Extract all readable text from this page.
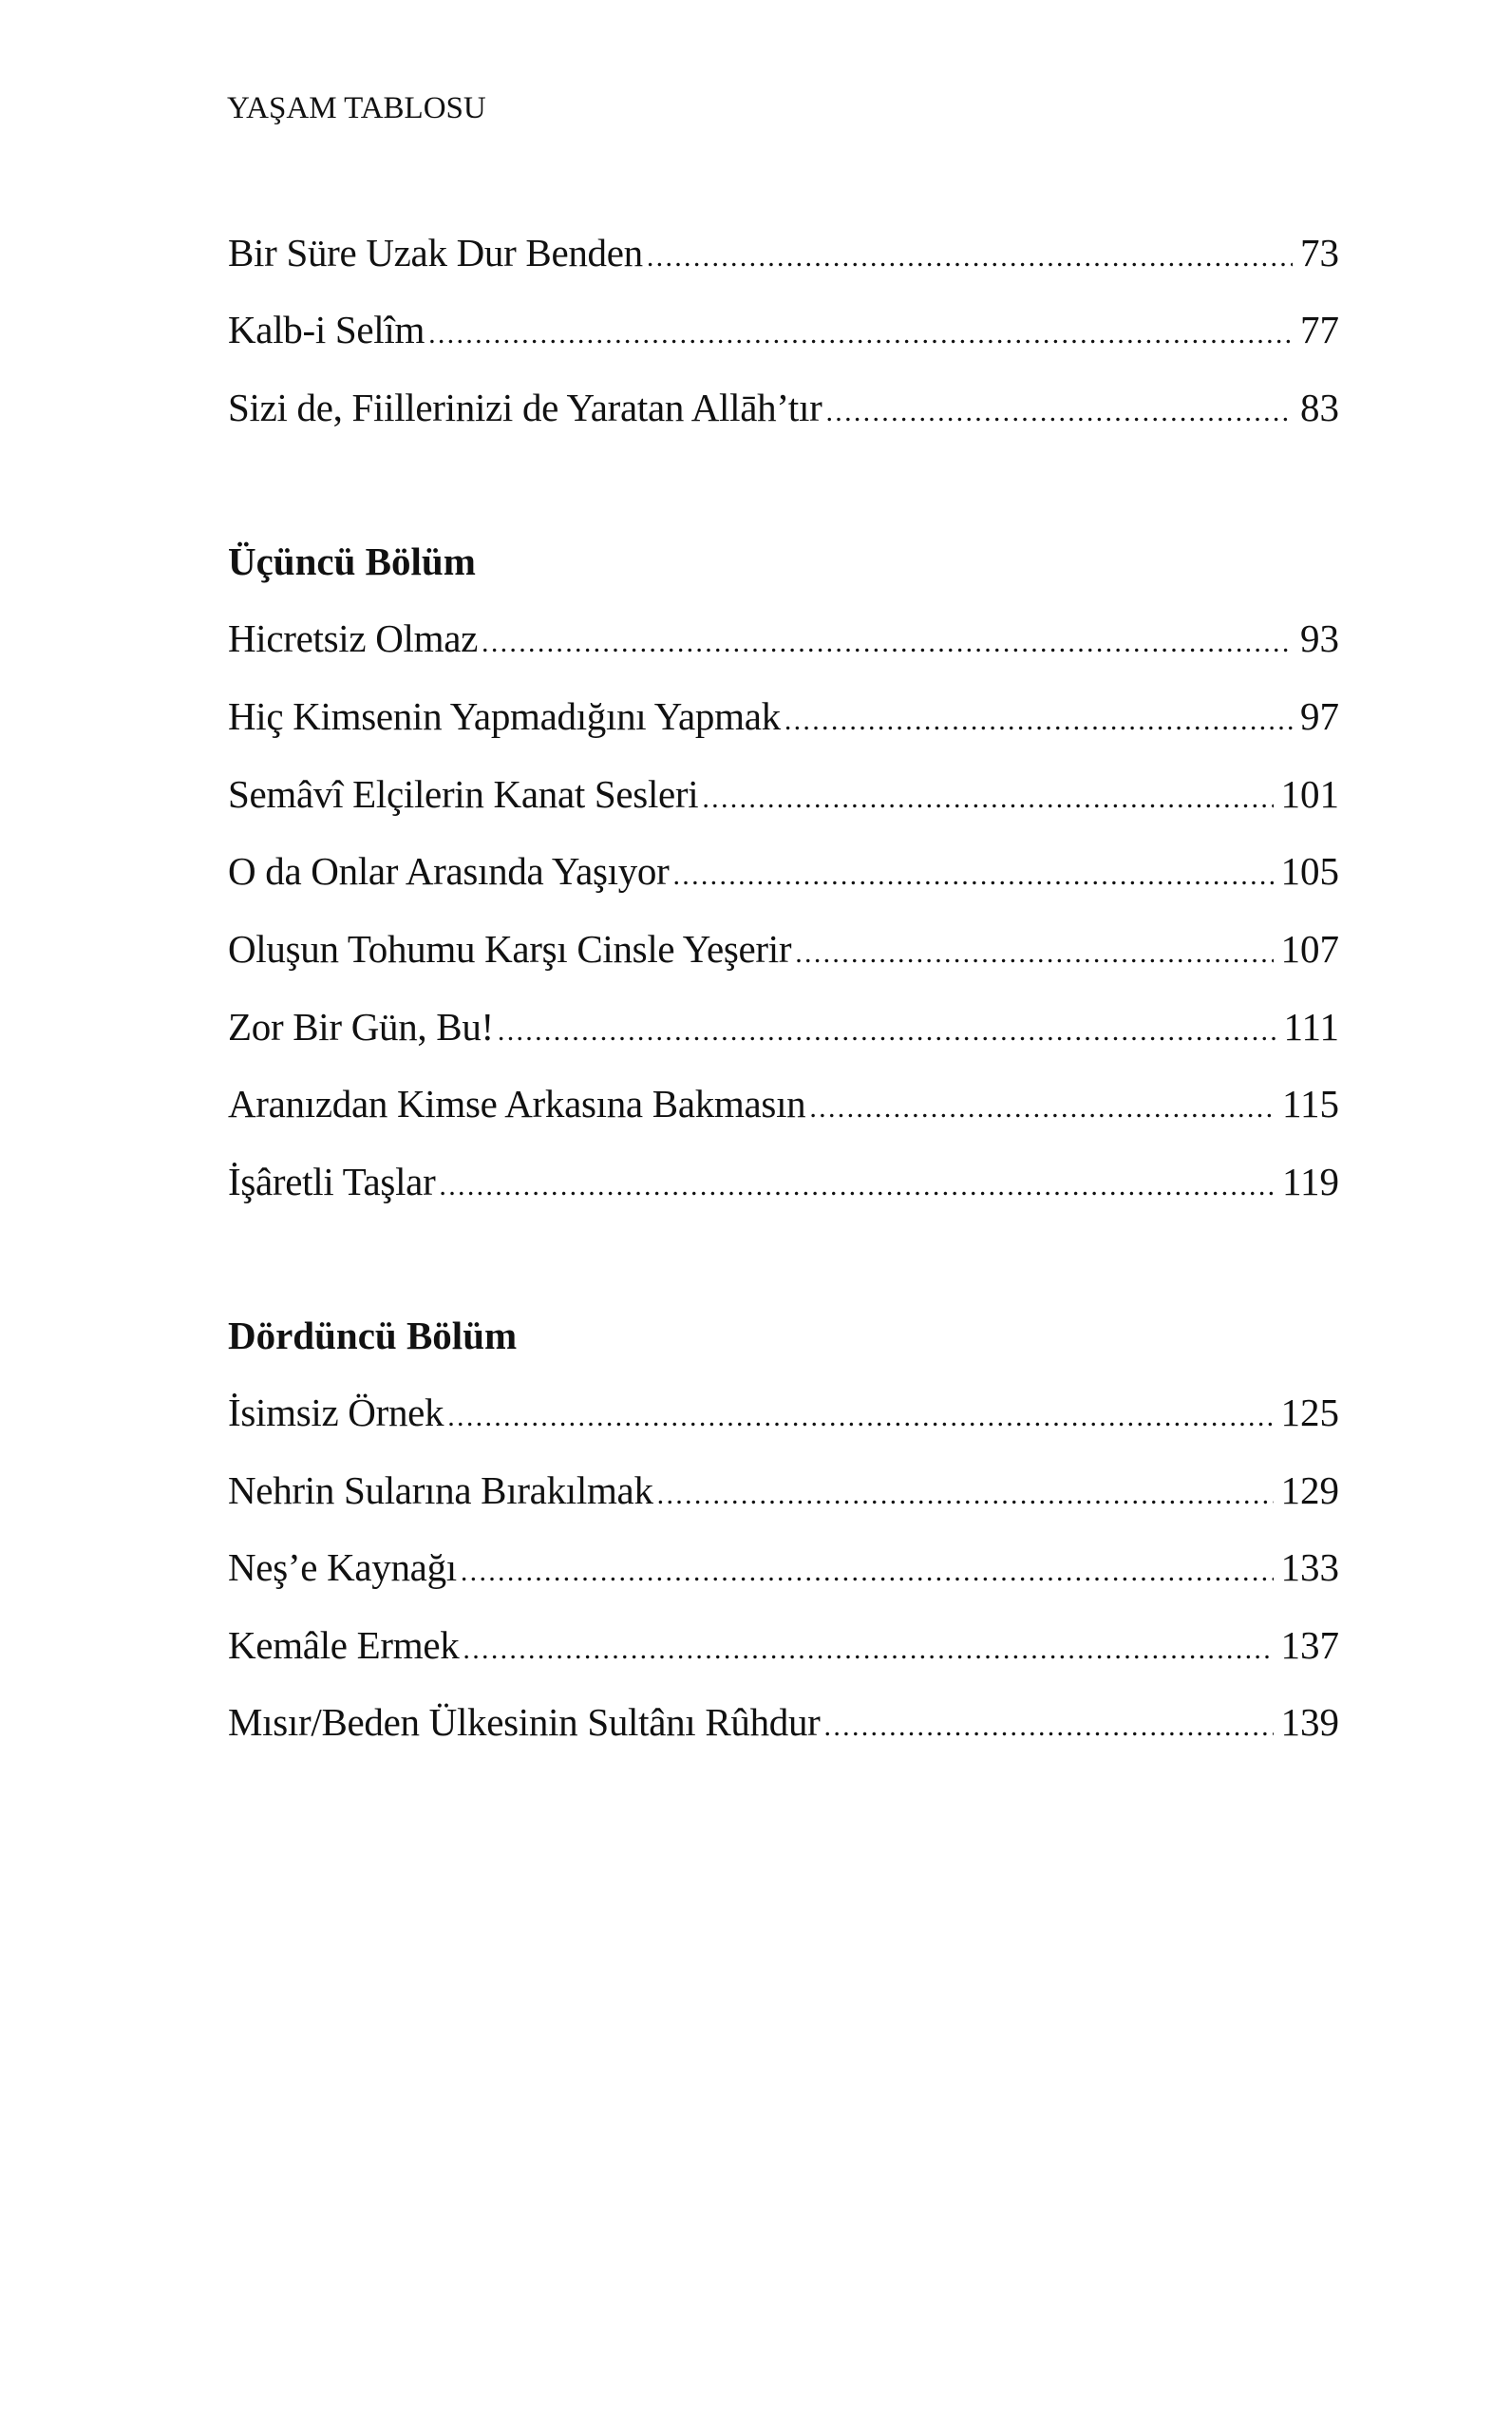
YAŞAM TABLOSU
Bir Süre Uzak Dur Benden . . .	73
Kalb-i Selîm . . .	77
Sizi de, Fiillerinizi de Yaratan Allāh’tır . . .	83
Üçüncü Bölüm
Hicretsiz Olmaz . . .	93
Hiç Kimsenin Yapmadığını Yapmak . . .	97
Semâvî Elçilerin Kanat Sesleri . . .	101
O da Onlar Arasında Yaşıyor . . .	105
Oluşun Tohumu Karşı Cinsle Yeşerir . . .	107
Zor Bir Gün, Bu! . . .	111
Aranızdan Kimse Arkasına Bakmasın . . .	115
İşâretli Taşlar . . .	119
Dördüncü Bölüm
İsimsiz Örnek . . .	125
Nehrin Sularına Bırakılmak . . .	129
Neş’e Kaynağı . . .	133
Kemâle Ermek . . .	137
Mısır/Beden Ülkesinin Sultânı Rûhdur . . .	139
